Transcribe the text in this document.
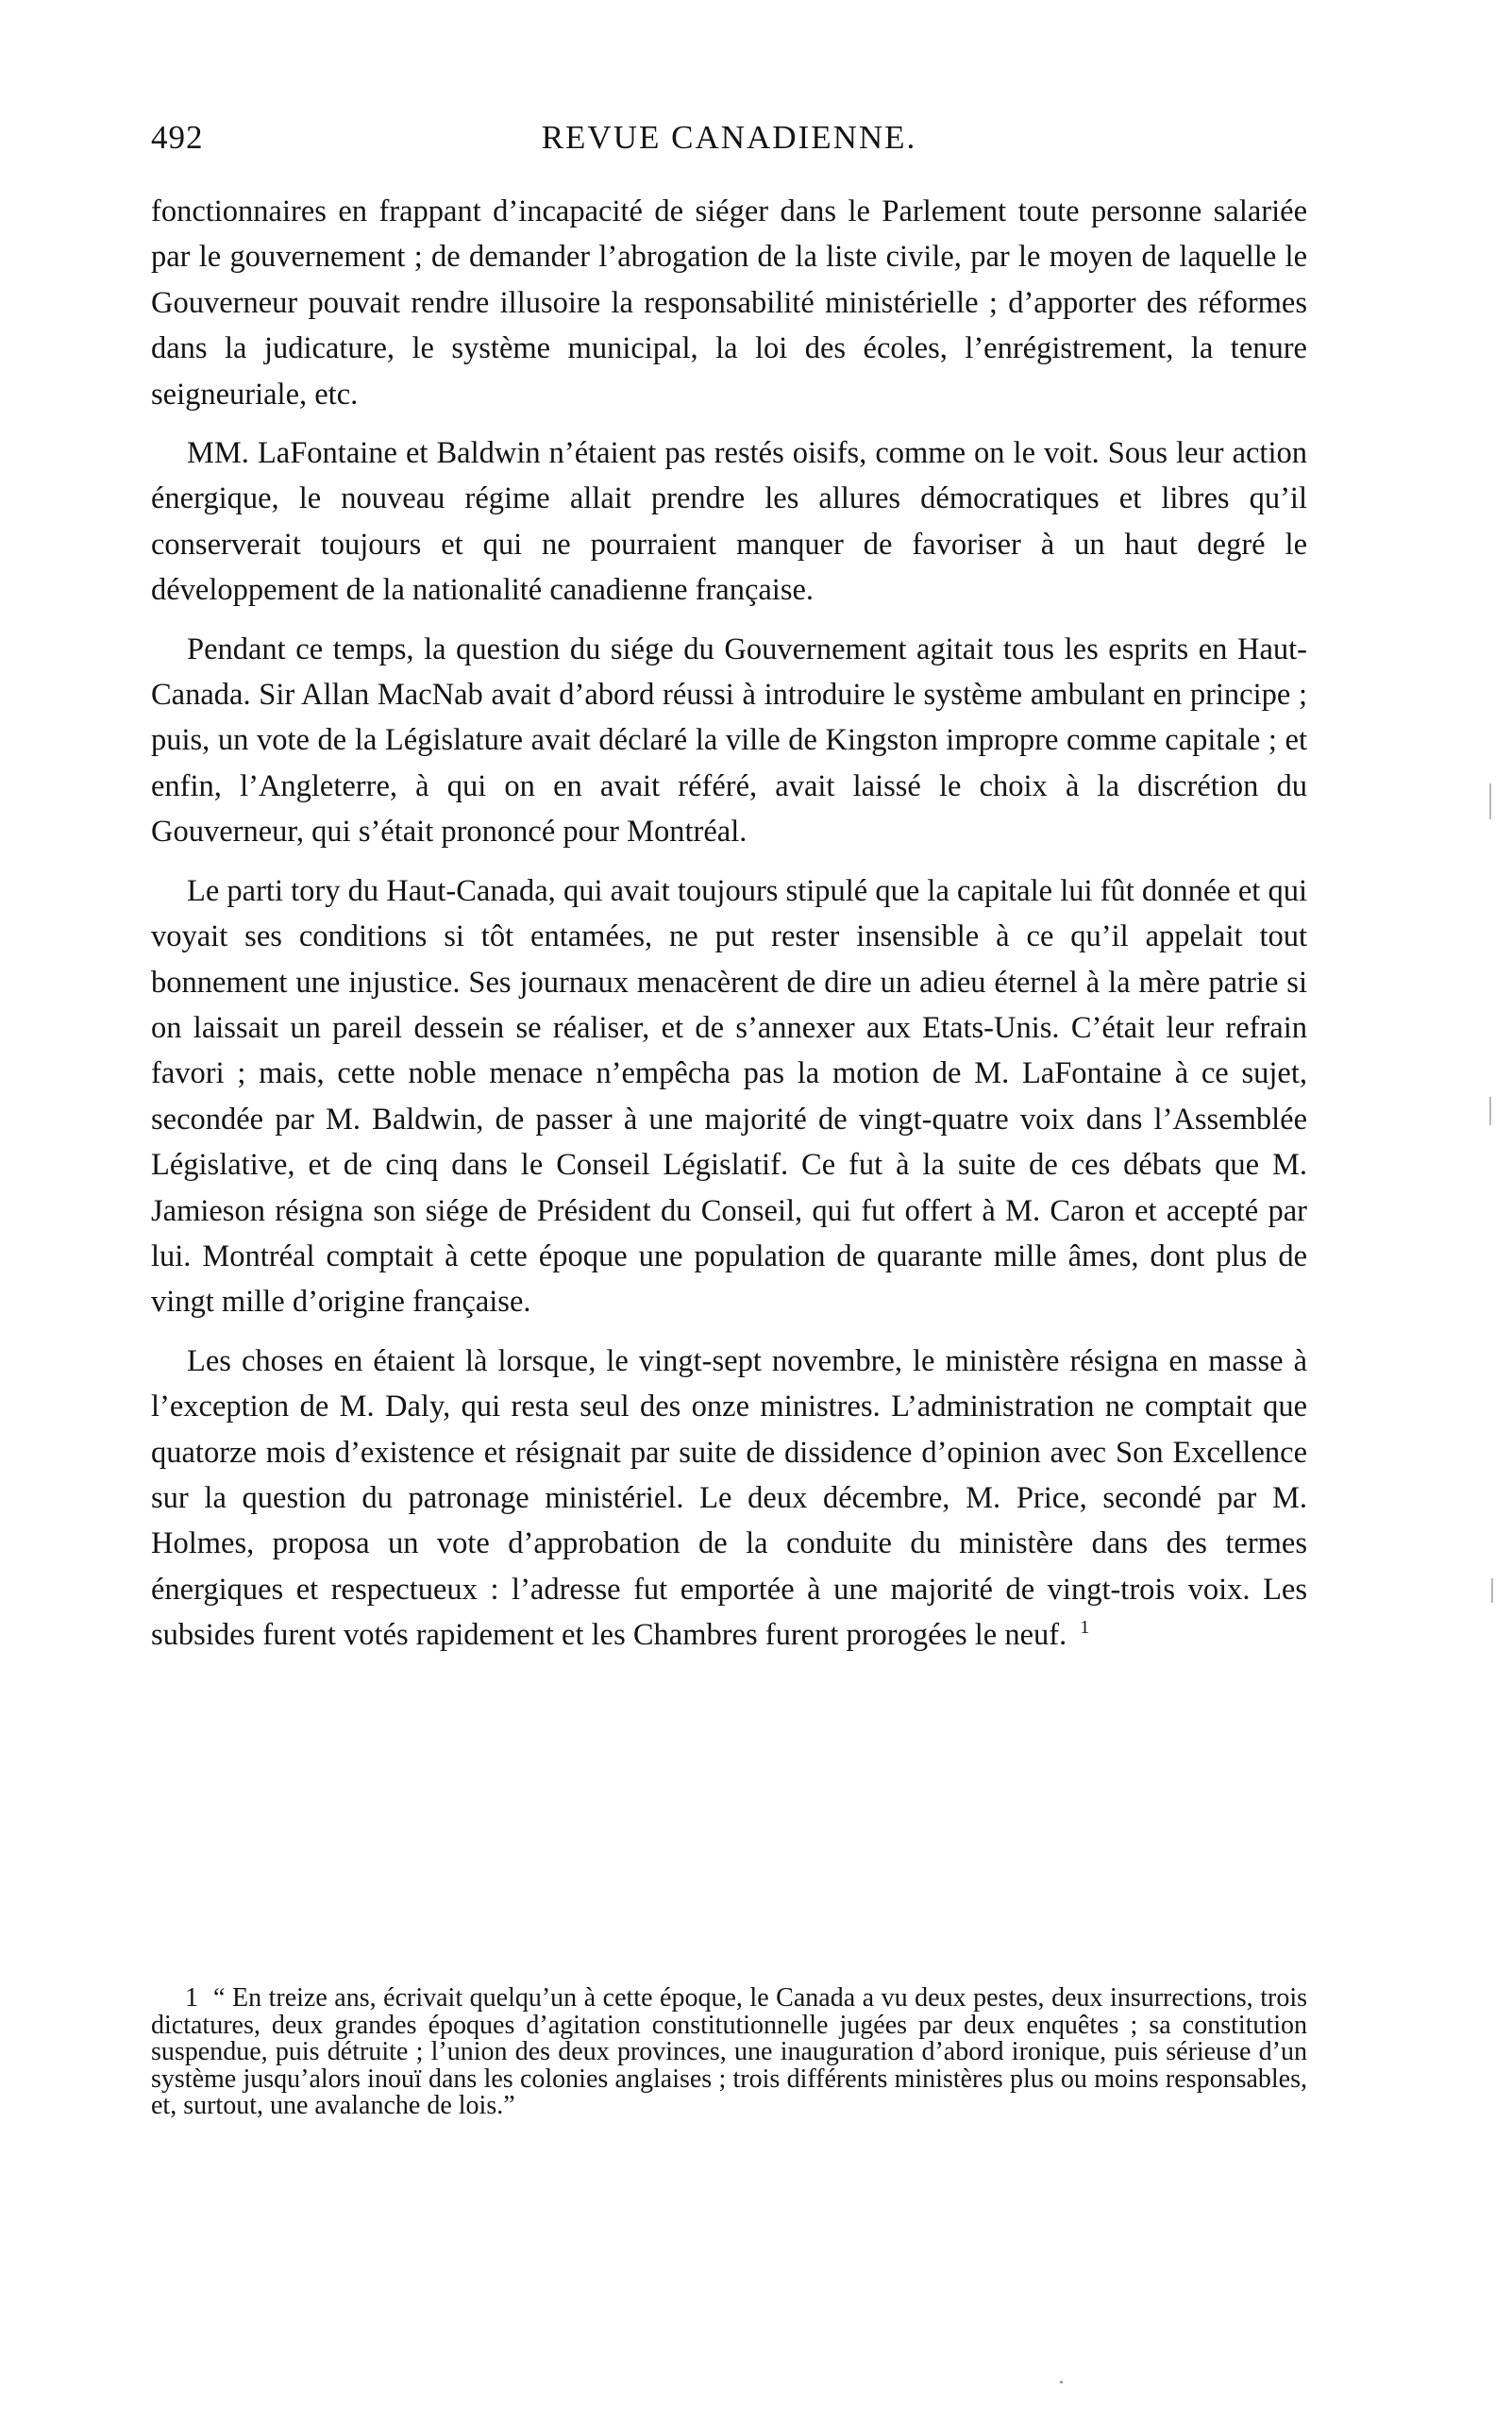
492	REVUE CANADIENNE.

fonctionnaires en frappant d’incapacité de siéger dans le Parlement toute personne salariée par le gouvernement ; de demander l’abrogation de la liste civile, par le moyen de laquelle le Gouverneur pouvait rendre illusoire la responsabilité ministérielle ; d’apporter des réformes dans la judicature, le système municipal, la loi des écoles, l’enrégistrement, la tenure seigneuriale, etc.

MM. LaFontaine et Baldwin n’étaient pas restés oisifs, comme on le voit. Sous leur action énergique, le nouveau régime allait prendre les allures démocratiques et libres qu’il conserverait toujours et qui ne pourraient manquer de favoriser à un haut degré le développement de la nationalité canadienne française.

Pendant ce temps, la question du siége du Gouvernement agitait tous les esprits en Haut-Canada. Sir Allan MacNab avait d’abord réussi à introduire le système ambulant en principe ; puis, un vote de la Législature avait déclaré la ville de Kingston impropre comme capitale ; et enfin, l’Angleterre, à qui on en avait référé, avait laissé le choix à la discrétion du Gouverneur, qui s’était prononcé pour Montréal.

Le parti tory du Haut-Canada, qui avait toujours stipulé que la capitale lui fût donnée et qui voyait ses conditions si tôt entamées, ne put rester insensible à ce qu’il appelait tout bonnement une injustice. Ses journaux menacèrent de dire un adieu éternel à la mère patrie si on laissait un pareil dessein se réaliser, et de s’annexer aux Etats-Unis. C’était leur refrain favori ; mais, cette noble menace n’empêcha pas la motion de M. LaFontaine à ce sujet, secondée par M. Baldwin, de passer à une majorité de vingt-quatre voix dans l’Assemblée Législative, et de cinq dans le Conseil Législatif. Ce fut à la suite de ces débats que M. Jamieson résigna son siége de Président du Conseil, qui fut offert à M. Caron et accepté par lui. Montréal comptait à cette époque une population de quarante mille âmes, dont plus de vingt mille d’origine française.

Les choses en étaient là lorsque, le vingt-sept novembre, le ministère résigna en masse à l’exception de M. Daly, qui resta seul des onze ministres. L’administration ne comptait que quatorze mois d’existence et résignait par suite de dissidence d’opinion avec Son Excellence sur la question du patronage ministériel. Le deux décembre, M. Price, secondé par M. Holmes, proposa un vote d’approbation de la conduite du ministère dans des termes énergiques et respectueux : l’adresse fut emportée à une majorité de vingt-trois voix. Les subsides furent votés rapidement et les Chambres furent prorogées le neuf. $^1$

1 “ En treize ans, écrivait quelqu’un à cette époque, le Canada a vu deux pestes, deux insurrections, trois dictatures, deux grandes époques d’agitation constitutionnelle jugées par deux enquêtes ; sa constitution suspendue, puis détruite ; l’union des deux provinces, une inauguration d’abord ironique, puis sérieuse d’un système jusqu’alors inouï dans les colonies anglaises ; trois différents ministères plus ou moins responsables, et, surtout, une avalanche de lois.”
